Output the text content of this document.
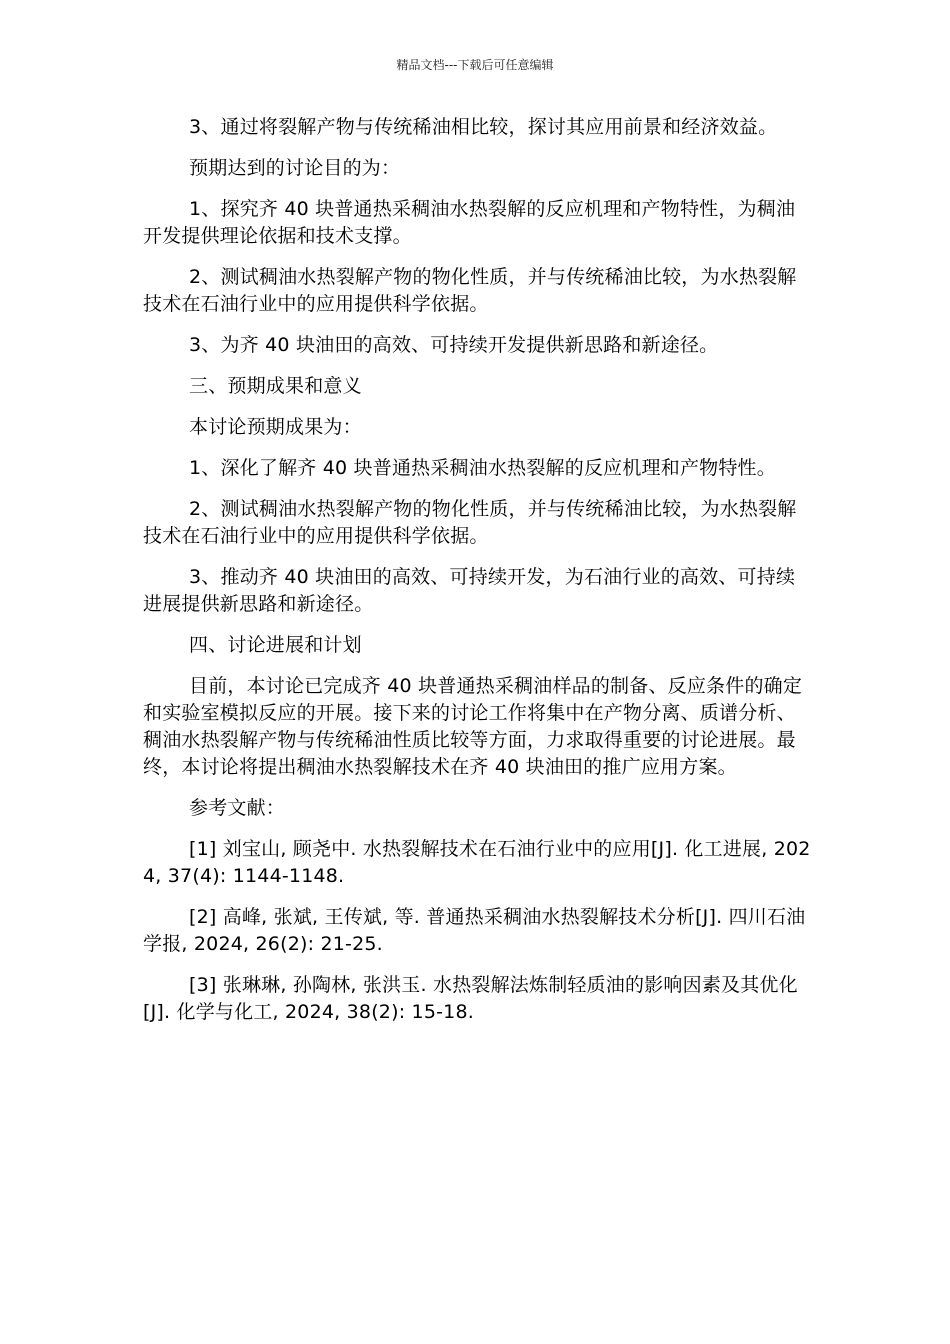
精品文档---下载后可任意编辑

3、通过将裂解产物与传统稀油相比较，探讨其应用前景和经济效益。

预期达到的讨论目的为：

1、探究齐 40 块普通热采稠油水热裂解的反应机理和产物特性，为稠油开发提供理论依据和技术支撑。

2、测试稠油水热裂解产物的物化性质，并与传统稀油比较，为水热裂解技术在石油行业中的应用提供科学依据。

3、为齐 40 块油田的高效、可持续开发提供新思路和新途径。

三、预期成果和意义

本讨论预期成果为：

1、深化了解齐 40 块普通热采稠油水热裂解的反应机理和产物特性。

2、测试稠油水热裂解产物的物化性质，并与传统稀油比较，为水热裂解技术在石油行业中的应用提供科学依据。

3、推动齐 40 块油田的高效、可持续开发，为石油行业的高效、可持续进展提供新思路和新途径。

四、讨论进展和计划

目前，本讨论已完成齐 40 块普通热采稠油样品的制备、反应条件的确定和实验室模拟反应的开展。接下来的讨论工作将集中在产物分离、质谱分析、稠油水热裂解产物与传统稀油性质比较等方面，力求取得重要的讨论进展。最终，本讨论将提出稠油水热裂解技术在齐 40 块油田的推广应用方案。

参考文献：

[1] 刘宝山, 顾尧中. 水热裂解技术在石油行业中的应用[J]. 化工进展, 2024, 37(4): 1144-1148.

[2] 高峰, 张斌, 王传斌, 等. 普通热采稠油水热裂解技术分析[J]. 四川石油学报, 2024, 26(2): 21-25.

[3] 张琳琳, 孙陶林, 张洪玉. 水热裂解法炼制轻质油的影响因素及其优化[J]. 化学与化工, 2024, 38(2): 15-18.
